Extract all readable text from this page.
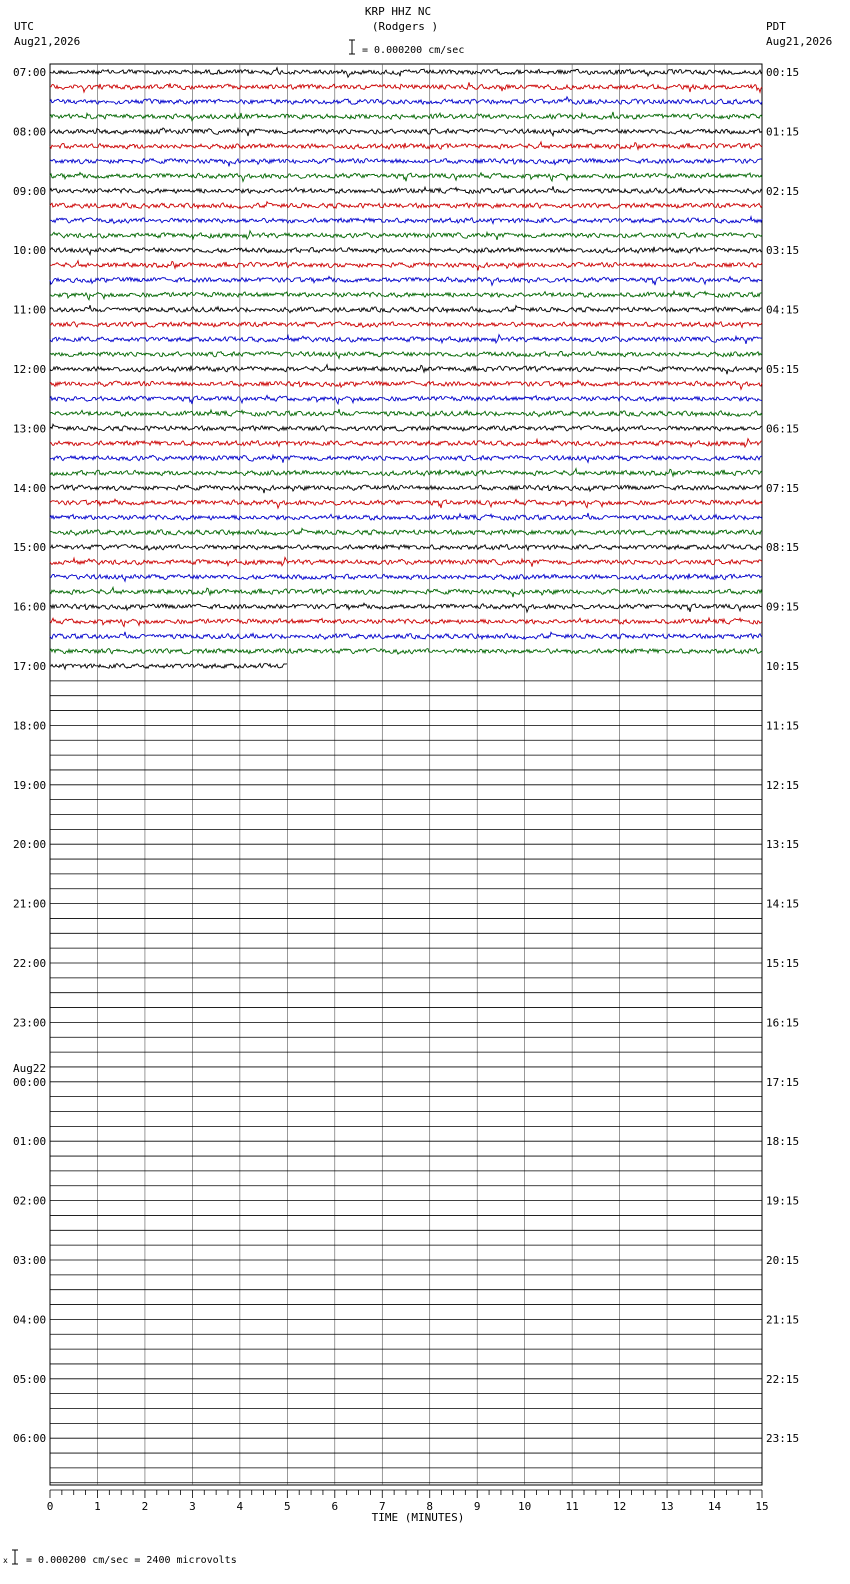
KRP HHZ NC
(Rodgers )
UTC
Aug21,2026
PDT
Aug21,2026
= 0.000200 cm/sec
07:00
08:00
09:00
10:00
11:00
12:00
13:00
14:00
15:00
16:00
17:00
18:00
19:00
20:00
21:00
22:00
23:00
00:00
Aug22
01:00
02:00
03:00
04:00
05:00
06:00
00:15
01:15
02:15
03:15
04:15
05:15
06:15
07:15
08:15
09:15
10:15
11:15
12:15
13:15
14:15
15:15
16:15
17:15
18:15
19:15
20:15
21:15
22:15
23:15
0	1	2	3	4	5	6	7	8	9	10	11	12	13	14	15
TIME (MINUTES)
x = 0.000200 cm/sec = 2400 microvolts
